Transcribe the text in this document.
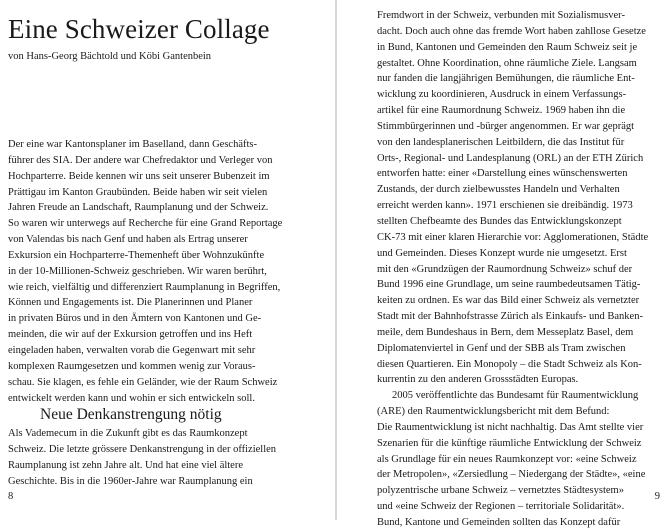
Eine Schweizer Collage

von Hans-Georg Bächtold und Köbi Gantenbein

Der eine war Kantonsplaner im Baselland, dann Geschäfts-
führer des SIA. Der andere war Chefredaktor und Verleger von
Hochparterre. Beide kennen wir uns seit unserer Bubenzeit im
Prättigau im Kanton Graubünden. Beide haben wir seit vielen
Jahren Freude an Landschaft, Raumplanung und der Schweiz.
So waren wir unterwegs auf Recherche für eine Grand Reportage
von Valendas bis nach Genf und haben als Ertrag unserer
Exkursion ein Hochparterre-Themenheft über Wohnzukünfte
in der 10-Millionen-Schweiz geschrieben. Wir waren berührt,
wie reich, vielfältig und differenziert Raumplanung in Begriffen,
Können und Engagements ist. Die Planerinnen und Planer
in privaten Büros und in den Ämtern von Kantonen und Ge-
meinden, die wir auf der Exkursion getroffen und ins Heft
eingeladen haben, verwalten vorab die Gegenwart mit sehr
komplexen Raumgesetzen und kommen wenig zur Voraus-
schau. Sie klagen, es fehle ein Geländer, wie der Raum Schweiz
entwickelt werden kann und wohin er sich entwickeln soll.
Neue Denkanstrengung nötig
Als Vademecum in die Zukunft gibt es das Raumkonzept
Schweiz. Die letzte grössere Denkanstrengung in der offiziellen
Raumplanung ist zehn Jahre alt. Und hat eine viel ältere
Geschichte. Bis in die 1960er-Jahre war Raumplanung ein

8

Fremdwort in der Schweiz, verbunden mit Sozialismusver-
dacht. Doch auch ohne das fremde Wort haben zahllose Gesetze
in Bund, Kantonen und Gemeinden den Raum Schweiz seit je
gestaltet. Ohne Koordination, ohne räumliche Ziele. Langsam
nur fanden die langjährigen Bemühungen, die räumliche Ent-
wicklung zu koordinieren, Ausdruck in einem Verfassungs-
artikel für eine Raumordnung Schweiz. 1969 haben ihn die
Stimmbürgerinnen und -bürger angenommen. Er war geprägt
von den landesplanerischen Leitbildern, die das Institut für
Orts-, Regional- und Landesplanung (ORL) an der ETH Zürich
entworfen hatte: einer «Darstellung eines wünschenswerten
Zustands, der durch zielbewusstes Handeln und Verhalten
erreicht werden kann». 1971 erschienen sie dreibändig. 1973
stellten Chefbeamte des Bundes das Entwicklungskonzept
CK-73 mit einer klaren Hierarchie vor: Agglomerationen, Städte
und Gemeinden. Dieses Konzept wurde nie umgesetzt. Erst
mit den «Grundzügen der Raumordnung Schweiz» schuf der
Bund 1996 eine Grundlage, um seine raumbedeutsamen Tätig-
keiten zu ordnen. Es war das Bild einer Schweiz als vernetzter
Stadt mit der Bahnhofstrasse Zürich als Einkaufs- und Banken-
meile, dem Bundeshaus in Bern, dem Messeplatz Basel, dem
Diplomatenviertel in Genf und der SBB als Tram zwischen
diesen Quartieren. Ein Monopoly – die Stadt Schweiz als Kon-
kurrentin zu den anderen Grossstädten Europas.
2005 veröffentlichte das Bundesamt für Raumentwicklung
(ARE) den Raumentwicklungsbericht mit dem Befund:
Die Raumentwicklung ist nicht nachhaltig. Das Amt stellte vier
Szenarien für die künftige räumliche Entwicklung der Schweiz
als Grundlage für ein neues Raumkonzept vor: «eine Schweiz
der Metropolen», «Zersiedlung – Niedergang der Städte», «eine
polyzentrische urbane Schweiz – vernetztes Städtesystem»
und «eine Schweiz der Regionen – territoriale Solidarität».
Bund, Kantone und Gemeinden sollten das Konzept dafür

9
